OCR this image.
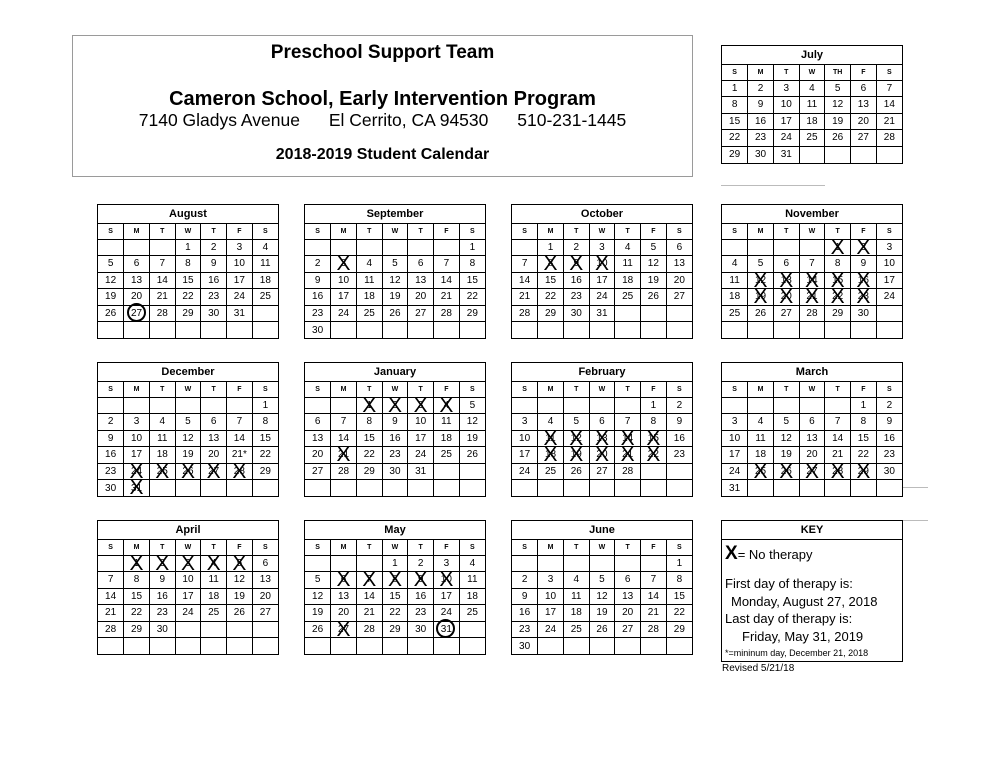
Preschool Support Team
Cameron School, Early Intervention Program
7140 Gladys Avenue El Cerrito, CA 94530 510-231-1445
2018-2019 Student Calendar
July
S	M	T	W	TH	F	S
1	2	3	4	5	6	7
8	9	10	11	12	13	14
15	16	17	18	19	20	21
22	23	24	25	26	27	28
29	30	31				
August
S	M	T	W	T	F	S
			1	2	3	4
5	6	7	8	9	10	11
12	13	14	15	16	17	18
19	20	21	22	23	24	25
26	27	28	29	30	31	

September
S	M	T	W	T	F	S
						1
2	3 X	4	5	6	7	8
9	10	11	12	13	14	15
16	17	18	19	20	21	22
23	24	25	26	27	28	29
30						
October
S	M	T	W	T	F	S
	1	2	3	4	5	6
7	8 X	9 X	10 X	11	12	13
14	15	16	17	18	19	20
21	22	23	24	25	26	27
28	29	30	31			

November
S	M	T	W	T	F	S
				1 X	2 X	3
4	5	6	7	8	9	10
11	12 X	13 X	14 X	15 X	16 X	17
18	19 X	20 X	21 X	22 X	23 X	24
25	26	27	28	29	30	

December
S	M	T	W	T	F	S
						1
2	3	4	5	6	7	8
9	10	11	12	13	14	15
16	17	18	19	20	21*	22
23	24 X	25 X	26 X	27 X	28 X	29
30	31 X					
January
S	M	T	W	T	F	S
		1 X	2 X	3 X	4 X	5
6	7	8	9	10	11	12
13	14	15	16	17	18	19
20	21 X	22	23	24	25	26
27	28	29	30	31		

February
S	M	T	W	T	F	S
					1	2
3	4	5	6	7	8	9
10	11 X	12 X	13 X	14 X	15 X	16
17	18 X	19 X	20 X	21 X	22 X	23
24	25	26	27	28		

March
S	M	T	W	T	F	S
					1	2
3	4	5	6	7	8	9
10	11	12	13	14	15	16
17	18	19	20	21	22	23
24	25 X	26 X	27 X	28 X	29 X	30
31						
April
S	M	T	W	T	F	S
	1 X	2 X	3 X	4 X	5 X	6
7	8	9	10	11	12	13
14	15	16	17	18	19	20
21	22	23	24	25	26	27
28	29	30				

May
S	M	T	W	T	F	S
			1	2	3	4
5	6 X	7 X	8 X	9 X	10 X	11
12	13	14	15	16	17	18
19	20	21	22	23	24	25
26	27 X	28	29	30	31	

June
S	M	T	W	T	F	S
						1
2	3	4	5	6	7	8
9	10	11	12	13	14	15
16	17	18	19	20	21	22
23	24	25	26	27	28	29
30						
KEY
X= No therapy
First day of therapy is:
Monday, August 27, 2018
Last day of therapy is:
Friday, May 31, 2019
*=mininum day, December 21, 2018
Revised 5/21/18
